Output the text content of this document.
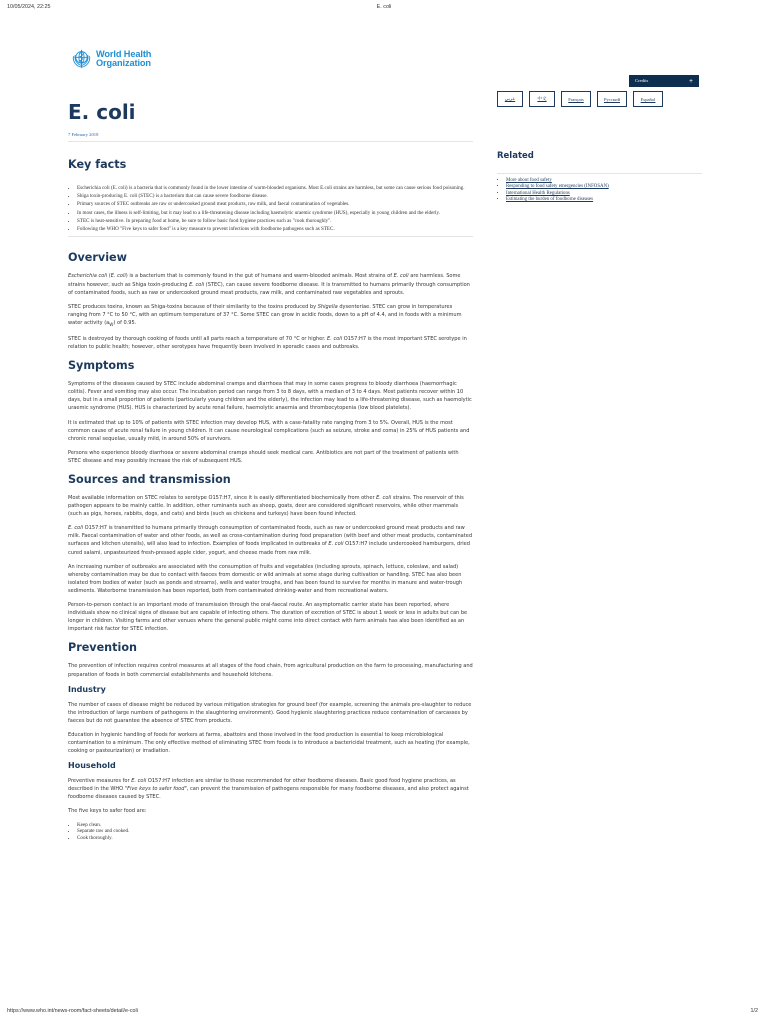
10/05/2024, 22:25	E. coli
World Health
Organization
Credits	+
عربي	中文	Français	Русский	Español
Related
• More about food safety
• Responding to food safety emergencies (INFOSAN)
• International Health Regulations
• Estimating the burden of foodborne diseases
E. coli
7 February 2018
Key facts
• Escherichia coli (E. coli) is a bacteria that is commonly found in the lower intestine of warm-blooded organisms. Most E.coli strains are harmless, but some can cause serious food poisoning.
• Shiga toxin-producing E. coli (STEC) is a bacterium that can cause severe foodborne disease.
• Primary sources of STEC outbreaks are raw or undercooked ground meat products, raw milk, and faecal contamination of vegetables.
• In most cases, the illness is self-limiting, but it may lead to a life-threatening disease including haemolytic uraemic syndrome (HUS), especially in young children and the elderly.
• STEC is heat-sensitive. In preparing food at home, be sure to follow basic food hygiene practices such as "cook thoroughly".
• Following the WHO "Five keys to safer food" is a key measure to prevent infections with foodborne pathogens such as STEC.
Overview

Escherichia coli (E. coli) is a bacterium that is commonly found in the gut of humans and warm-blooded animals. Most strains of E. coli are harmless. Some strains however, such as Shiga toxin-producing E. coli (STEC), can cause severe foodborne disease. It is transmitted to humans primarily through consumption of contaminated foods, such as raw or undercooked ground meat products, raw milk, and contaminated raw vegetables and sprouts.

STEC produces toxins, known as Shiga-toxins because of their similarity to the toxins produced by Shigella dysenteriae. STEC can grow in temperatures ranging from 7 °C to 50 °C, with an optimum temperature of 37 °C. Some STEC can grow in acidic foods, down to a pH of 4.4, and in foods with a minimum water activity $(a_W)$ of 0.95.

STEC is destroyed by thorough cooking of foods until all parts reach a temperature of 70 °C or higher. E. coli O157:H7 is the most important STEC serotype in relation to public health; however, other serotypes have frequently been involved in sporadic cases and outbreaks.

Symptoms

Symptoms of the diseases caused by STEC include abdominal cramps and diarrhoea that may in some cases progress to bloody diarrhoea (haemorrhagic colitis). Fever and vomiting may also occur. The incubation period can range from 3 to 8 days, with a median of 3 to 4 days. Most patients recover within 10 days, but in a small proportion of patients (particularly young children and the elderly), the infection may lead to a life-threatening disease, such as haemolytic uraemic syndrome (HUS). HUS is characterized by acute renal failure, haemolytic anaemia and thrombocytopenia (low blood platelets).

It is estimated that up to 10% of patients with STEC infection may develop HUS, with a case-fatality rate ranging from 3 to 5%. Overall, HUS is the most common cause of acute renal failure in young children. It can cause neurological complications (such as seizure, stroke and coma) in 25% of HUS patients and chronic renal sequelae, usually mild, in around 50% of survivors.

Persons who experience bloody diarrhoea or severe abdominal cramps should seek medical care. Antibiotics are not part of the treatment of patients with STEC disease and may possibly increase the risk of subsequent HUS.

Sources and transmission

Most available information on STEC relates to serotype O157:H7, since it is easily differentiated biochemically from other E. coli strains. The reservoir of this pathogen appears to be mainly cattle. In addition, other ruminants such as sheep, goats, deer are considered significant reservoirs, while other mammals (such as pigs, horses, rabbits, dogs, and cats) and birds (such as chickens and turkeys) have been found infected.

E. coli O157:H7 is transmitted to humans primarily through consumption of contaminated foods, such as raw or undercooked ground meat products and raw milk. Faecal contamination of water and other foods, as well as cross-contamination during food preparation (with beef and other meat products, contaminated surfaces and kitchen utensils), will also lead to infection. Examples of foods implicated in outbreaks of E. coli O157:H7 include undercooked hamburgers, dried cured salami, unpasteurized fresh-pressed apple cider, yogurt, and cheese made from raw milk.

An increasing number of outbreaks are associated with the consumption of fruits and vegetables (including sprouts, spinach, lettuce, coleslaw, and salad) whereby contamination may be due to contact with faeces from domestic or wild animals at some stage during cultivation or handling. STEC has also been isolated from bodies of water (such as ponds and streams), wells and water troughs, and has been found to survive for months in manure and water-trough sediments. Waterborne transmission has been reported, both from contaminated drinking-water and from recreational waters.

Person-to-person contact is an important mode of transmission through the oral-faecal route. An asymptomatic carrier state has been reported, where individuals show no clinical signs of disease but are capable of infecting others. The duration of excretion of STEC is about 1 week or less in adults but can be longer in children. Visiting farms and other venues where the general public might come into direct contact with farm animals has also been identified as an important risk factor for STEC infection.

Prevention

The prevention of infection requires control measures at all stages of the food chain, from agricultural production on the farm to processing, manufacturing and preparation of foods in both commercial establishments and household kitchens.

Industry

The number of cases of disease might be reduced by various mitigation strategies for ground beef (for example, screening the animals pre-slaughter to reduce the introduction of large numbers of pathogens in the slaughtering environment). Good hygienic slaughtering practices reduce contamination of carcasses by faeces but do not guarantee the absence of STEC from products.

Education in hygienic handling of foods for workers at farms, abattoirs and those involved in the food production is essential to keep microbiological contamination to a minimum. The only effective method of eliminating STEC from foods is to introduce a bactericidal treatment, such as heating (for example, cooking or pasteurization) or irradiation.

Household

Preventive measures for E. coli O157:H7 infection are similar to those recommended for other foodborne diseases. Basic good food hygiene practices, as described in the WHO "Five keys to safer food", can prevent the transmission of pathogens responsible for many foodborne diseases, and also protect against foodborne diseases caused by STEC.

The five keys to safer food are:

• Keep clean.
• Separate raw and cooked.
• Cook thoroughly.
https://www.who.int/news-room/fact-sheets/detail/e-coli	1/2
